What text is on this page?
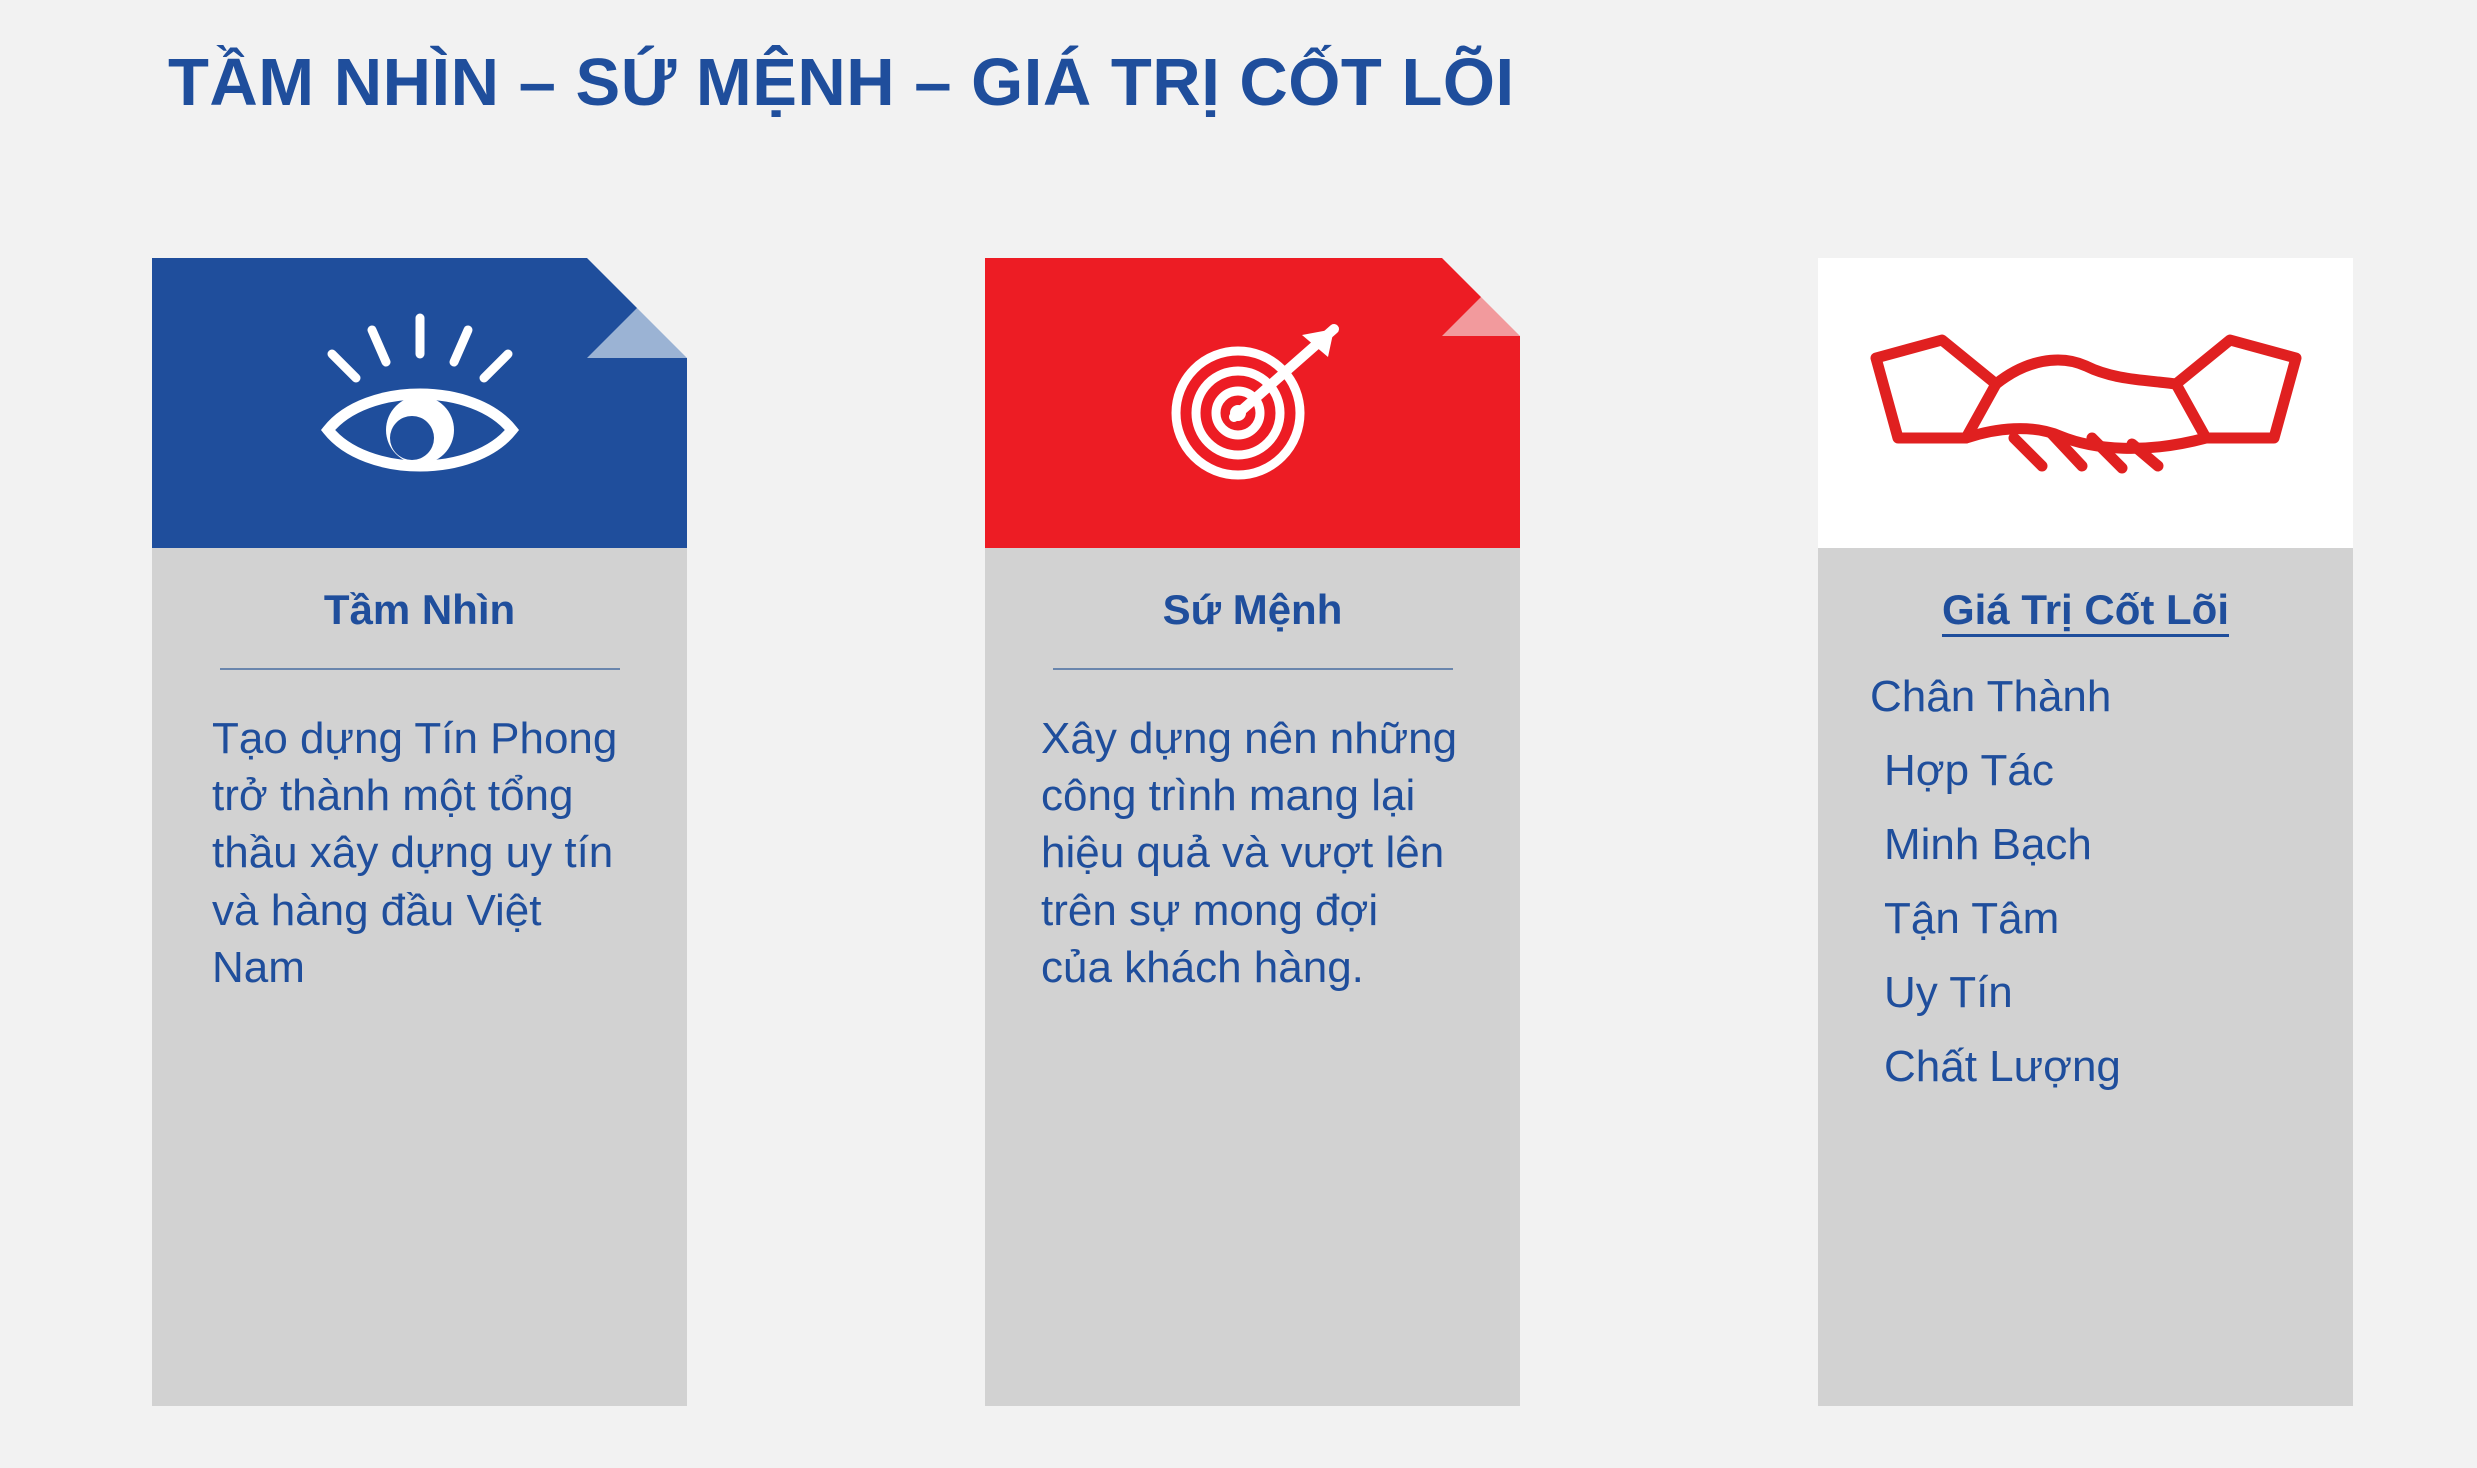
TẦM NHÌN – SỨ MỆNH – GIÁ TRỊ CỐT LÕI
Tầm Nhìn
Tạo dựng Tín Phong trở thành một tổng thầu xây dựng uy tín và hàng đầu Việt Nam
Sứ Mệnh
Xây dựng nên những công trình mang lại hiệu quả và vượt lên trên sự mong đợi của khách hàng.
Giá Trị Cốt Lõi
Chân Thành
Hợp Tác
Minh Bạch
Tận Tâm
Uy Tín
Chất Lượng
